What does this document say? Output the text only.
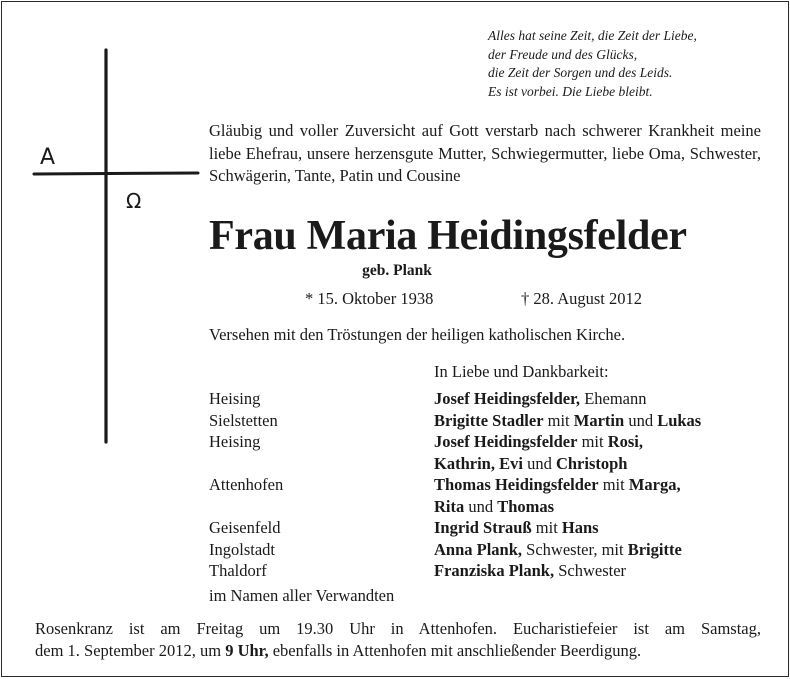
Alles hat seine Zeit, die Zeit der Liebe,
der Freude und des Glücks,
die Zeit der Sorgen und des Leids.
Es ist vorbei. Die Liebe bleibt.
A
Ω
Gläubig und voller Zuversicht auf Gott verstarb nach schwerer Krankheit meine liebe Ehefrau, unsere herzensgute Mutter, Schwiegermutter, liebe Oma, Schwester, Schwägerin, Tante, Patin und Cousine
Frau Maria Heidingsfelder
geb. Plank
* 15. Oktober 1938	† 28. August 2012
Versehen mit den Tröstungen der heiligen katholischen Kirche.
In Liebe und Dankbarkeit:
Heising	Josef Heidingsfelder, Ehemann
Sielstetten	Brigitte Stadler mit Martin und Lukas
Heising	Josef Heidingsfelder mit Rosi,
Kathrin, Evi und Christoph
Attenhofen	Thomas Heidingsfelder mit Marga,
Rita und Thomas
Geisenfeld	Ingrid Strauß mit Hans
Ingolstadt	Anna Plank, Schwester, mit Brigitte
Thaldorf	Franziska Plank, Schwester
im Namen aller Verwandten
Rosenkranz ist am Freitag um 19.30 Uhr in Attenhofen. Eucharistiefeier ist am Samstag,
dem 1. September 2012, um 9 Uhr, ebenfalls in Attenhofen mit anschließender Beerdigung.
